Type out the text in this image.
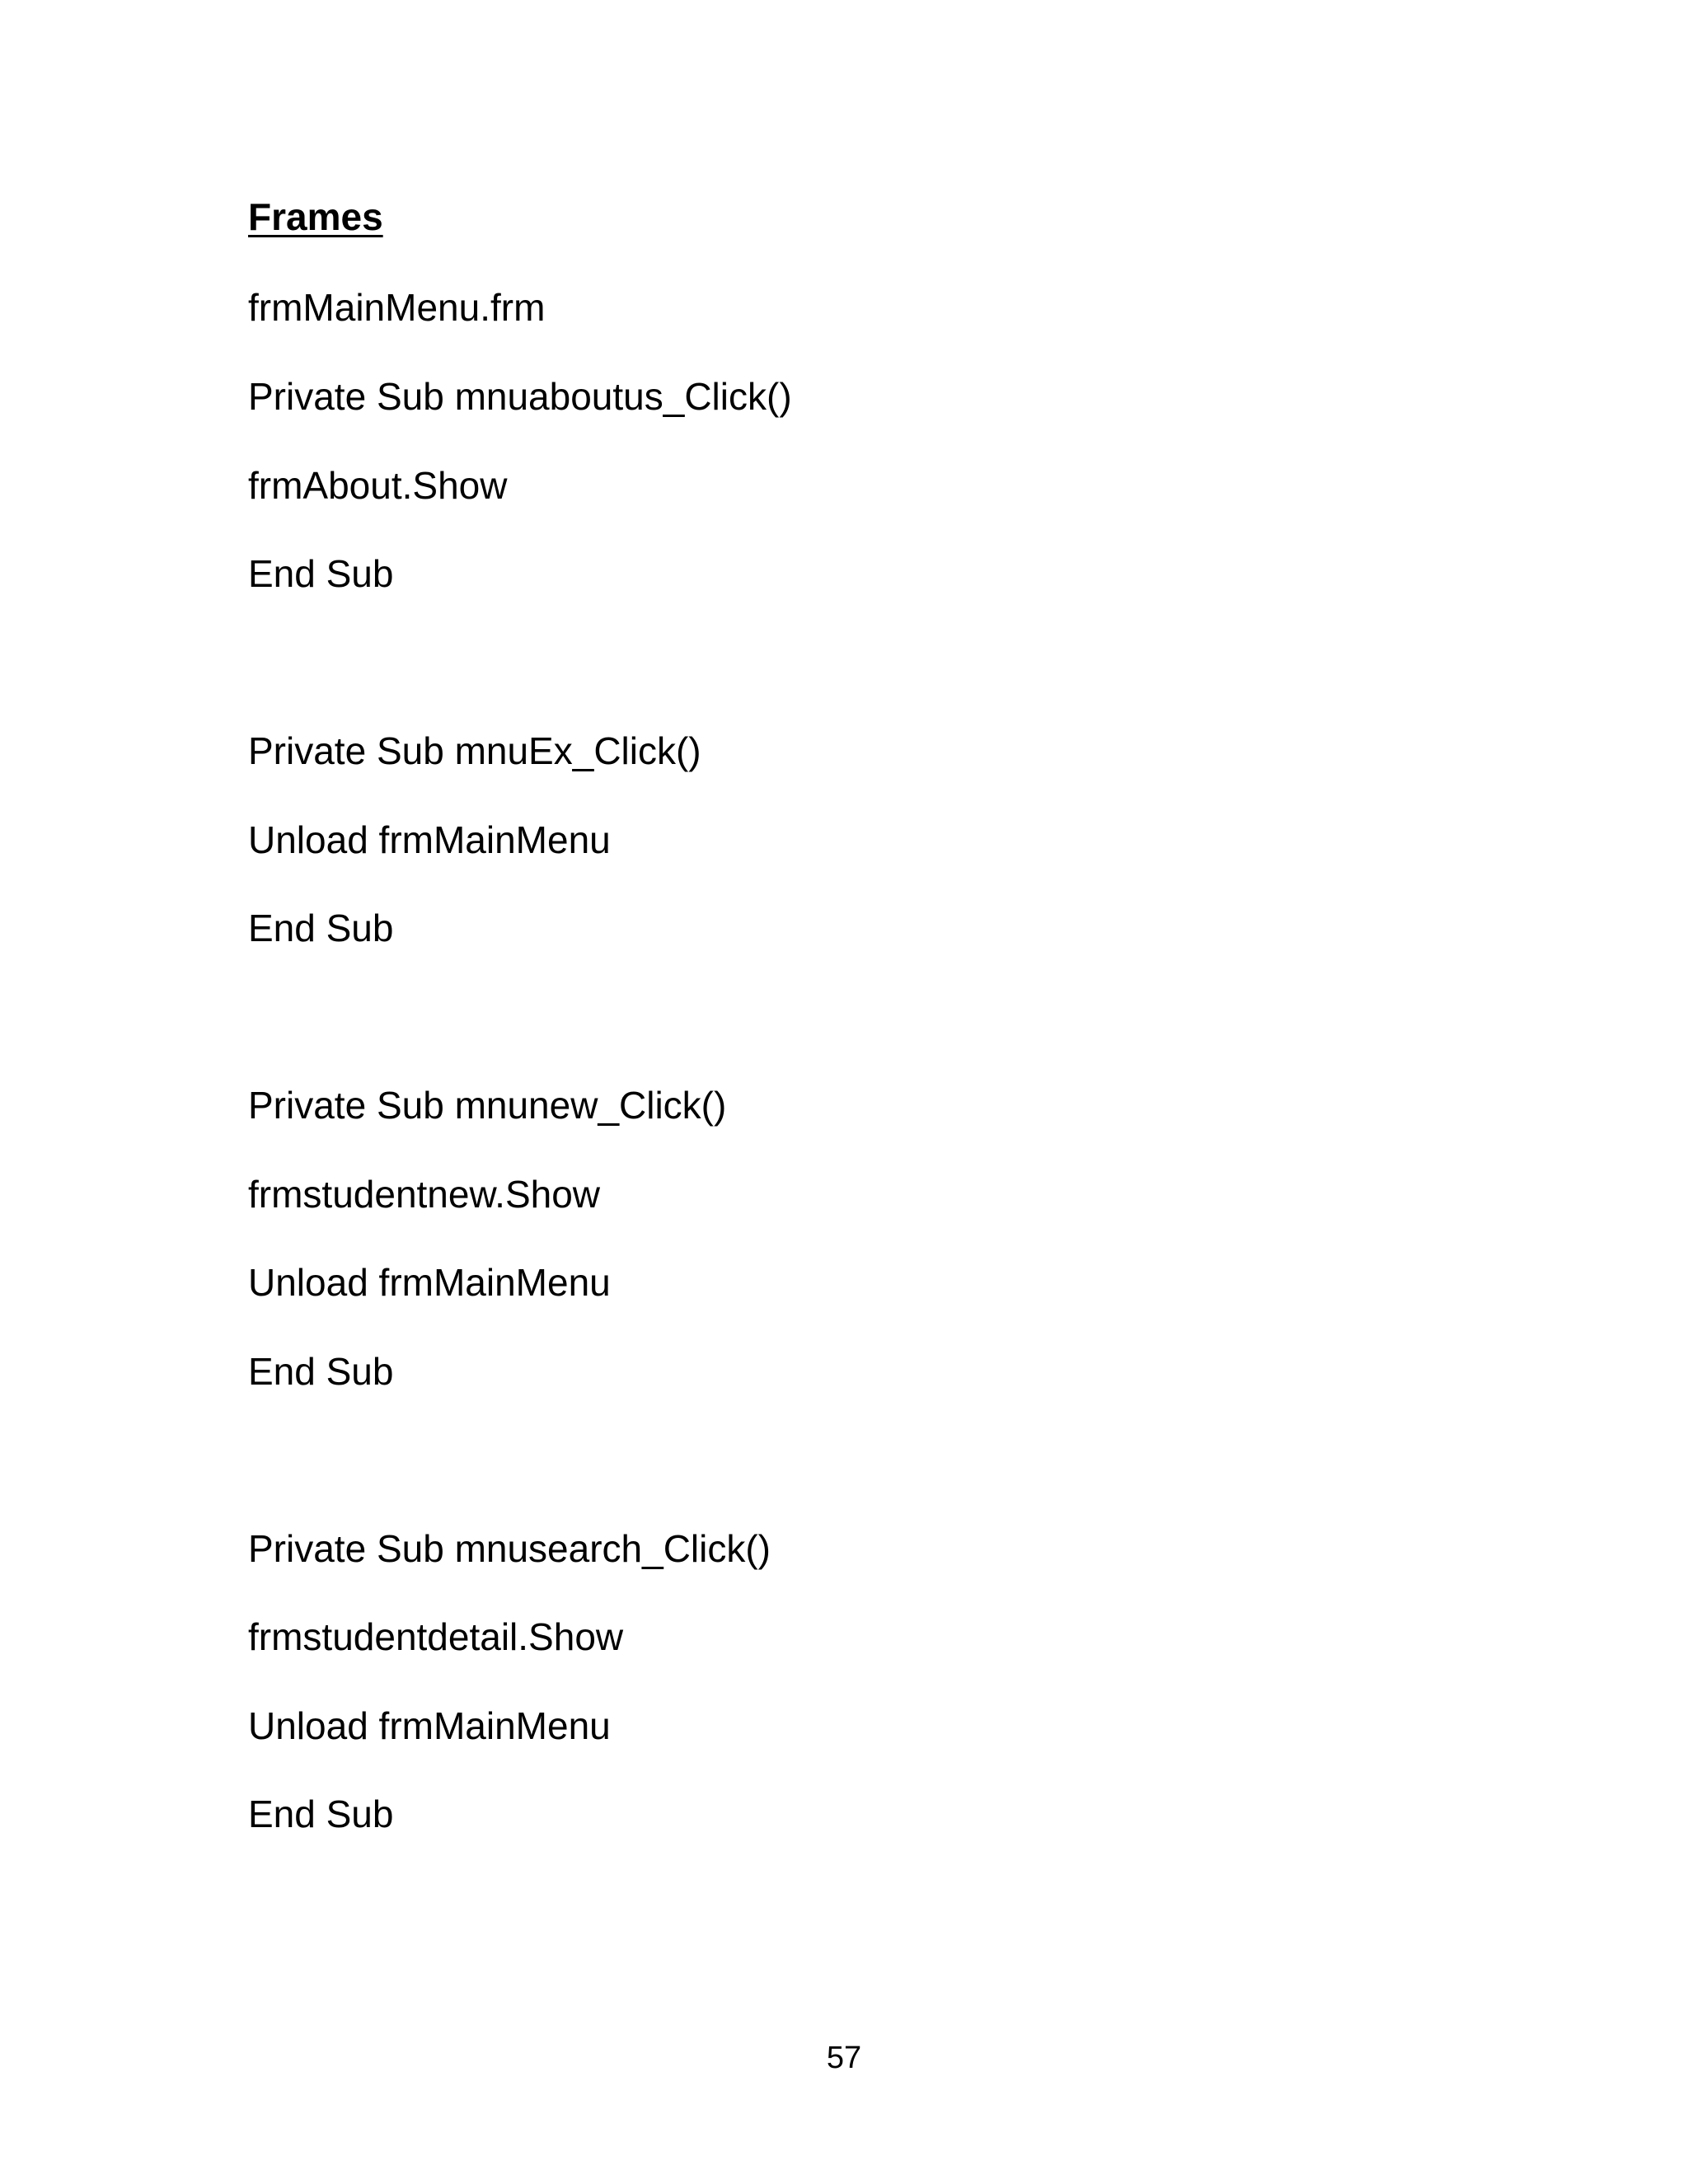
Frames
frmMainMenu.frm
Private Sub mnuaboutus_Click()
frmAbout.Show
End Sub
Private Sub mnuEx_Click()
Unload frmMainMenu
End Sub
Private Sub mnunew_Click()
frmstudentnew.Show
Unload frmMainMenu
End Sub
Private Sub mnusearch_Click()
frmstudentdetail.Show
Unload frmMainMenu
End Sub
57
